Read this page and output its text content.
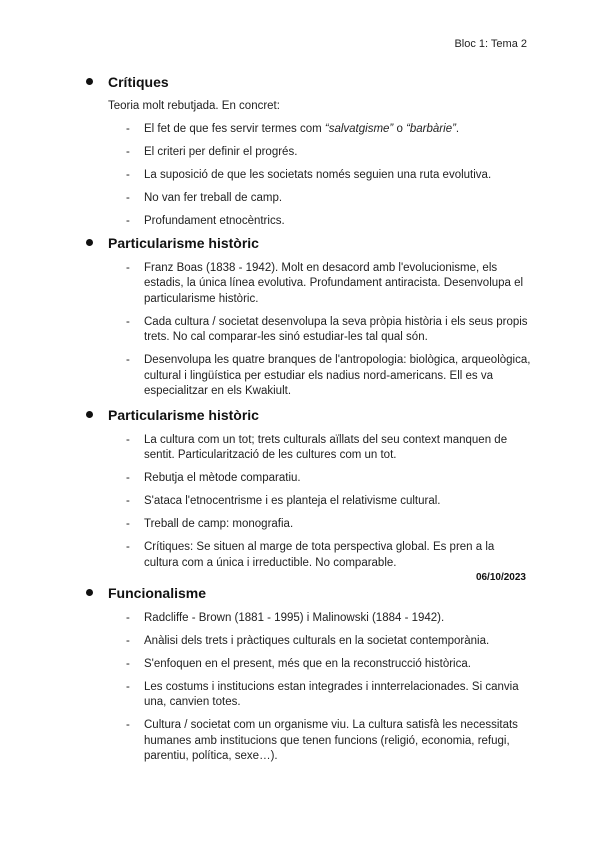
Bloc 1: Tema 2
Crítiques
Teoria molt rebutjada. En concret:
- El fet de que fes servir termes com “salvatgisme” o “barbàrie”.
- El criteri per definir el progrés.
- La suposició de que les societats només seguien una ruta evolutiva.
- No van fer treball de camp.
- Profundament etnocèntrics.
Particularisme històric
- Franz Boas (1838 - 1942). Molt en desacord amb l'evolucionisme, els estadis, la única línea evolutiva. Profundament antiracista. Desenvolupa el particularisme històric.
- Cada cultura / societat desenvolupa la seva pròpia història i els seus propis trets. No cal comparar-les sinó estudiar-les tal qual són.
- Desenvolupa les quatre branques de l'antropologia: biològica, arqueològica, cultural i lingüística per estudiar els nadius nord-americans. Ell es va especialitzar en els Kwakiult.
Particularisme històric
- La cultura com un tot; trets culturals aïllats del seu context manquen de sentit. Particularització de les cultures com un tot.
- Rebutja el mètode comparatiu.
- S'ataca l'etnocentrisme i es planteja el relativisme cultural.
- Treball de camp: monografia.
- Crítiques: Se situen al marge de tota perspectiva global. Es pren a la cultura com a única i irreductible. No comparable.
06/10/2023
Funcionalisme
- Radcliffe - Brown (1881 - 1995) i Malinowski (1884 - 1942).
- Anàlisi dels trets i pràctiques culturals en la societat contemporània.
- S'enfoquen en el present, més que en la reconstrucció històrica.
- Les costums i institucions estan integrades i innterrelacionades. Si canvia una, canvien totes.
- Cultura / societat com un organisme viu. La cultura satisfà les necessitats humanes amb institucions que tenen funcions (religió, economia, refugi, parentiu, política, sexe…).
